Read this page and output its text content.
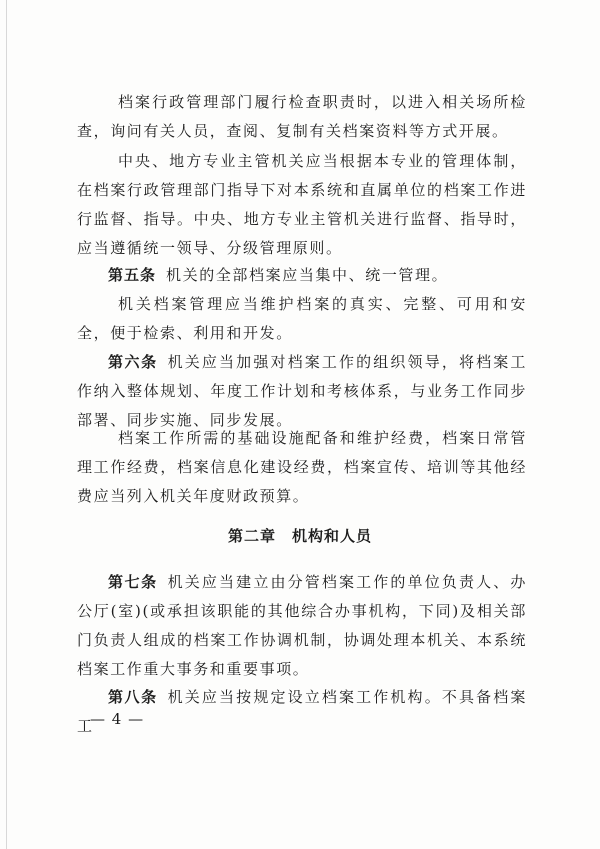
档案行政管理部门履行检查职责时，以进入相关场所检查，询问有关人员，查阅、复制有关档案资料等方式开展。

中央、地方专业主管机关应当根据本专业的管理体制，在档案行政管理部门指导下对本系统和直属单位的档案工作进行监督、指导。中央、地方专业主管机关进行监督、指导时，应当遵循统一领导、分级管理原则。

第五条 机关的全部档案应当集中、统一管理。

机关档案管理应当维护档案的真实、完整、可用和安全，便于检索、利用和开发。

第六条 机关应当加强对档案工作的组织领导，将档案工作纳入整体规划、年度工作计划和考核体系，与业务工作同步部署、同步实施、同步发展。

档案工作所需的基础设施配备和维护经费，档案日常管理工作经费，档案信息化建设经费，档案宣传、培训等其他经费应当列入机关年度财政预算。

第二章 机构和人员

第七条 机关应当建立由分管档案工作的单位负责人、办公厅(室)(或承担该职能的其他综合办事机构，下同)及相关部门负责人组成的档案工作协调机制，协调处理本机关、本系统档案工作重大事务和重要事项。

第八条 机关应当按规定设立档案工作机构。不具备档案工

— 4 —
